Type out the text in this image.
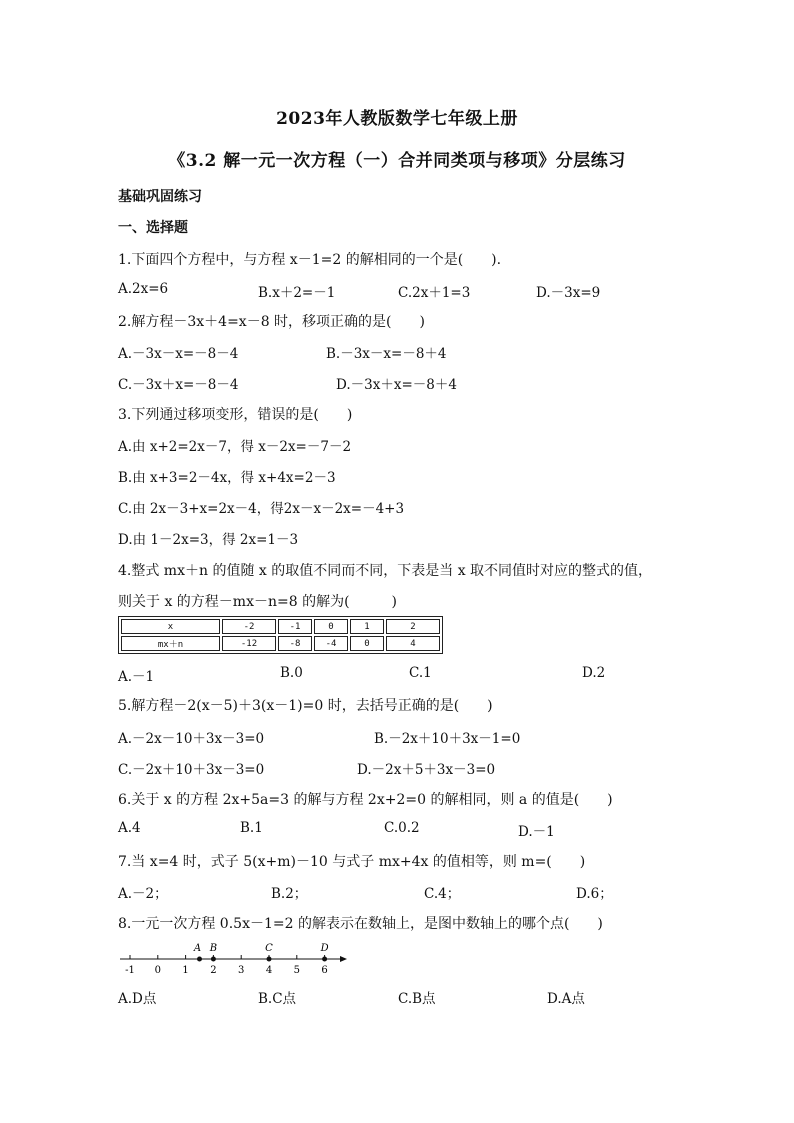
2023年人教版数学七年级上册
《3.2 解一元一次方程（一）合并同类项与移项》分层练习
基础巩固练习
一、选择题
1.下面四个方程中，与方程 x－1=2 的解相同的一个是(　　).
A.2x=6	B.x＋2=－1	C.2x＋1=3	D.－3x=9
2.解方程－3x＋4=x－8 时，移项正确的是(　　)
A.－3x－x=－8－4	B.－3x－x=－8＋4
C.－3x＋x=－8－4	D.－3x＋x=－8＋4
3.下列通过移项变形，错误的是(　　)
A.由 x+2=2x－7，得 x－2x=－7－2
B.由 x+3=2－4x，得 x+4x=2－3
C.由 2x－3+x=2x－4，得2x－x－2x=－4+3
D.由 1－2x=3，得 2x=1－3
4.整式 mx＋n 的值随 x 的取值不同而不同，下表是当 x 取不同值时对应的整式的值，
则关于 x 的方程－mx－n=8 的解为(　　　)
x	-2	-1	0	1	2
mx＋n	-12	-8	-4	0	4
A.－1	B.0	C.1	D.2
5.解方程－2(x－5)＋3(x－1)=0 时，去括号正确的是(　　)
A.－2x－10＋3x－3=0	B.－2x＋10＋3x－1=0
C.－2x＋10＋3x－3=0	D.－2x＋5＋3x－3=0
6.关于 x 的方程 2x+5a=3 的解与方程 2x+2=0 的解相同，则 a 的值是(　　)
A.4	B.1	C.0.2	D.－1
7.当 x=4 时，式子 5(x+m)－10 与式子 mx+4x 的值相等，则 m=(　　)
A.－2；	B.2；	C.4；	D.6；
8.一元一次方程 0.5x－1=2 的解表示在数轴上，是图中数轴上的哪个点(　　)
-1 0 1 2 3 4 5 6
A B	C	D
A.D点	B.C点	C.B点	D.A点
